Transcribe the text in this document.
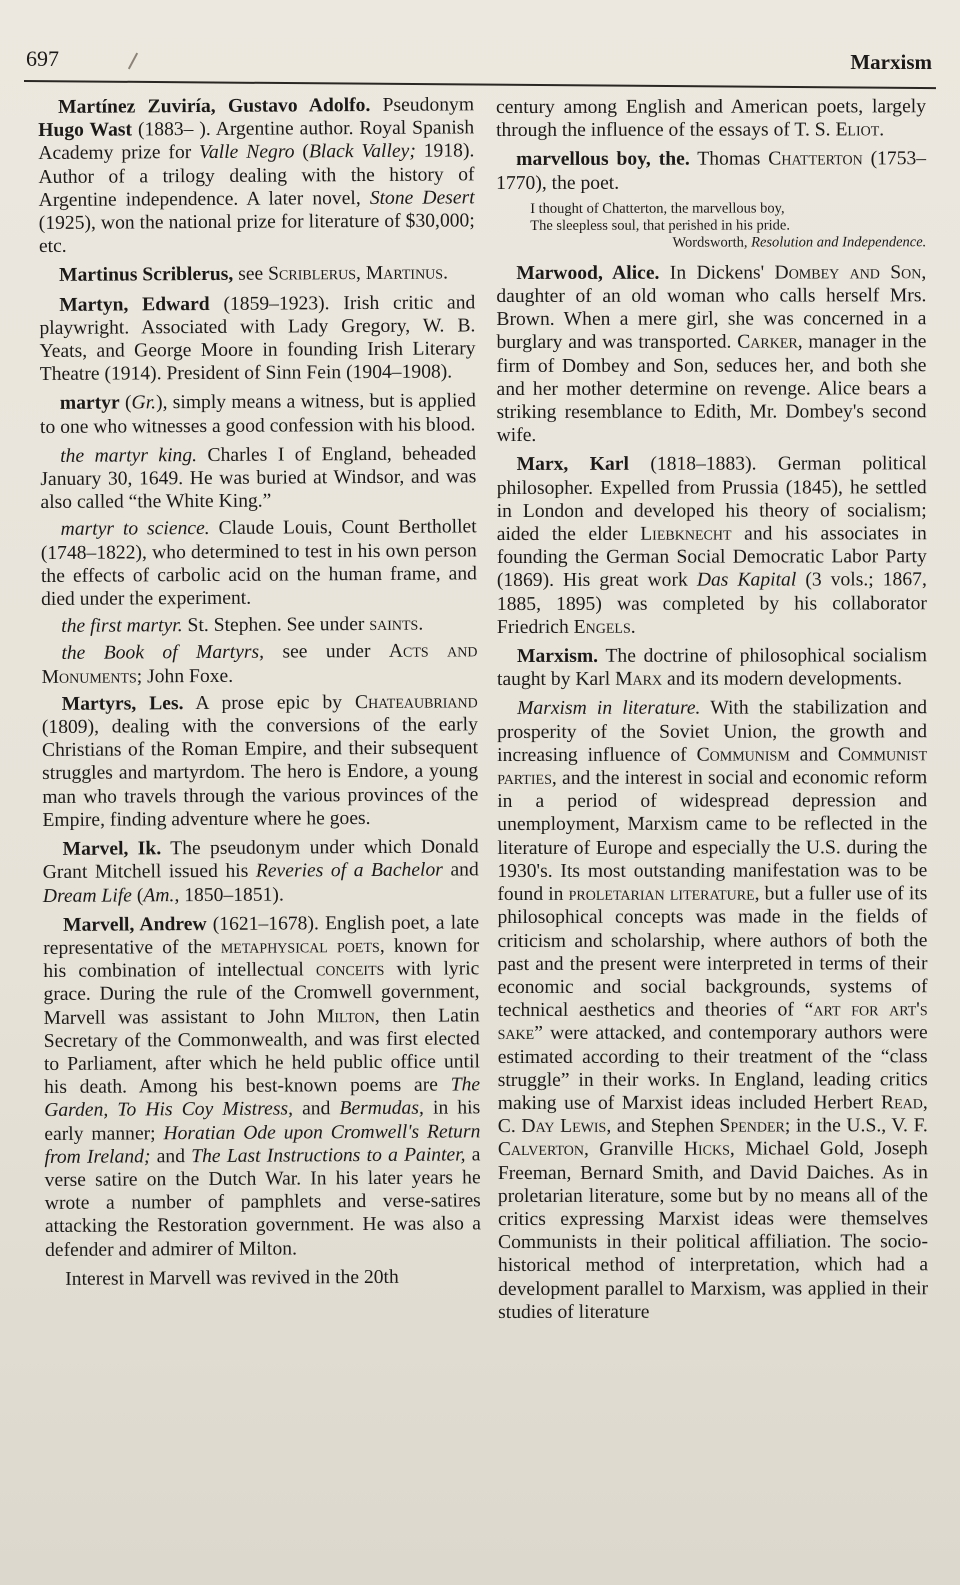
697	Marxism

Martínez Zuviría, Gustavo Adolfo. Pseudonym Hugo Wast (1883– ). Argentine author. Royal Spanish Academy prize for Valle Negro (Black Valley; 1918). Author of a trilogy dealing with the history of Argentine independence. A later novel, Stone Desert (1925), won the national prize for literature of $30,000; etc.

Martinus Scriblerus, see Scriblerus, Martinus.

Martyn, Edward (1859–1923). Irish critic and playwright. Associated with Lady Gregory, W. B. Yeats, and George Moore in founding Irish Literary Theatre (1914). President of Sinn Fein (1904–1908).

martyr (Gr.), simply means a witness, but is applied to one who witnesses a good confession with his blood.

the martyr king. Charles I of England, beheaded January 30, 1649. He was buried at Windsor, and was also called “the White King.”

martyr to science. Claude Louis, Count Berthollet (1748–1822), who determined to test in his own person the effects of carbolic acid on the human frame, and died under the experiment.

the first martyr. St. Stephen. See under saints.

the Book of Martyrs, see under Acts and Monuments; John Foxe.

Martyrs, Les. A prose epic by Chateaubriand (1809), dealing with the conversions of the early Christians of the Roman Empire, and their subsequent struggles and martyrdom. The hero is Endore, a young man who travels through the various provinces of the Empire, finding adventure where he goes.

Marvel, Ik. The pseudonym under which Donald Grant Mitchell issued his Reveries of a Bachelor and Dream Life (Am., 1850–1851).

Marvell, Andrew (1621–1678). English poet, a late representative of the metaphysical poets, known for his combination of intellectual conceits with lyric grace. During the rule of the Cromwell government, Marvell was assistant to John Milton, then Latin Secretary of the Commonwealth, and was first elected to Parliament, after which he held public office until his death. Among his best-known poems are The Garden, To His Coy Mistress, and Bermudas, in his early manner; Horatian Ode upon Cromwell's Return from Ireland; and The Last Instructions to a Painter, a verse satire on the Dutch War. In his later years he wrote a number of pamphlets and verse-satires attacking the Restoration government. He was also a defender and admirer of Milton.

Interest in Marvell was revived in the 20th

century among English and American poets, largely through the influence of the essays of T. S. Eliot.

marvellous boy, the. Thomas Chatterton (1753–1770), the poet.

I thought of Chatterton, the marvellous boy,
The sleepless soul, that perished in his pride.
Wordsworth, Resolution and Independence.

Marwood, Alice. In Dickens' Dombey and Son, daughter of an old woman who calls herself Mrs. Brown. When a mere girl, she was concerned in a burglary and was transported. Carker, manager in the firm of Dombey and Son, seduces her, and both she and her mother determine on revenge. Alice bears a striking resemblance to Edith, Mr. Dombey's second wife.

Marx, Karl (1818–1883). German political philosopher. Expelled from Prussia (1845), he settled in London and developed his theory of socialism; aided the elder Liebknecht and his associates in founding the German Social Democratic Labor Party (1869). His great work Das Kapital (3 vols.; 1867, 1885, 1895) was completed by his collaborator Friedrich Engels.

Marxism. The doctrine of philosophical socialism taught by Karl Marx and its modern developments.

Marxism in literature. With the stabilization and prosperity of the Soviet Union, the growth and increasing influence of Communism and Communist parties, and the interest in social and economic reform in a period of widespread depression and unemployment, Marxism came to be reflected in the literature of Europe and especially the U.S. during the 1930's. Its most outstanding manifestation was to be found in proletarian literature, but a fuller use of its philosophical concepts was made in the fields of criticism and scholarship, where authors of both the past and the present were interpreted in terms of their economic and social backgrounds, systems of technical aesthetics and theories of “art for art's sake” were attacked, and contemporary authors were estimated according to their treatment of the “class struggle” in their works. In England, leading critics making use of Marxist ideas included Herbert Read, C. Day Lewis, and Stephen Spender; in the U.S., V. F. Calverton, Granville Hicks, Michael Gold, Joseph Freeman, Bernard Smith, and David Daiches. As in proletarian literature, some but by no means all of the critics expressing Marxist ideas were themselves Communists in their political affiliation. The socio-historical method of interpretation, which had a development parallel to Marxism, was applied in their studies of literature
